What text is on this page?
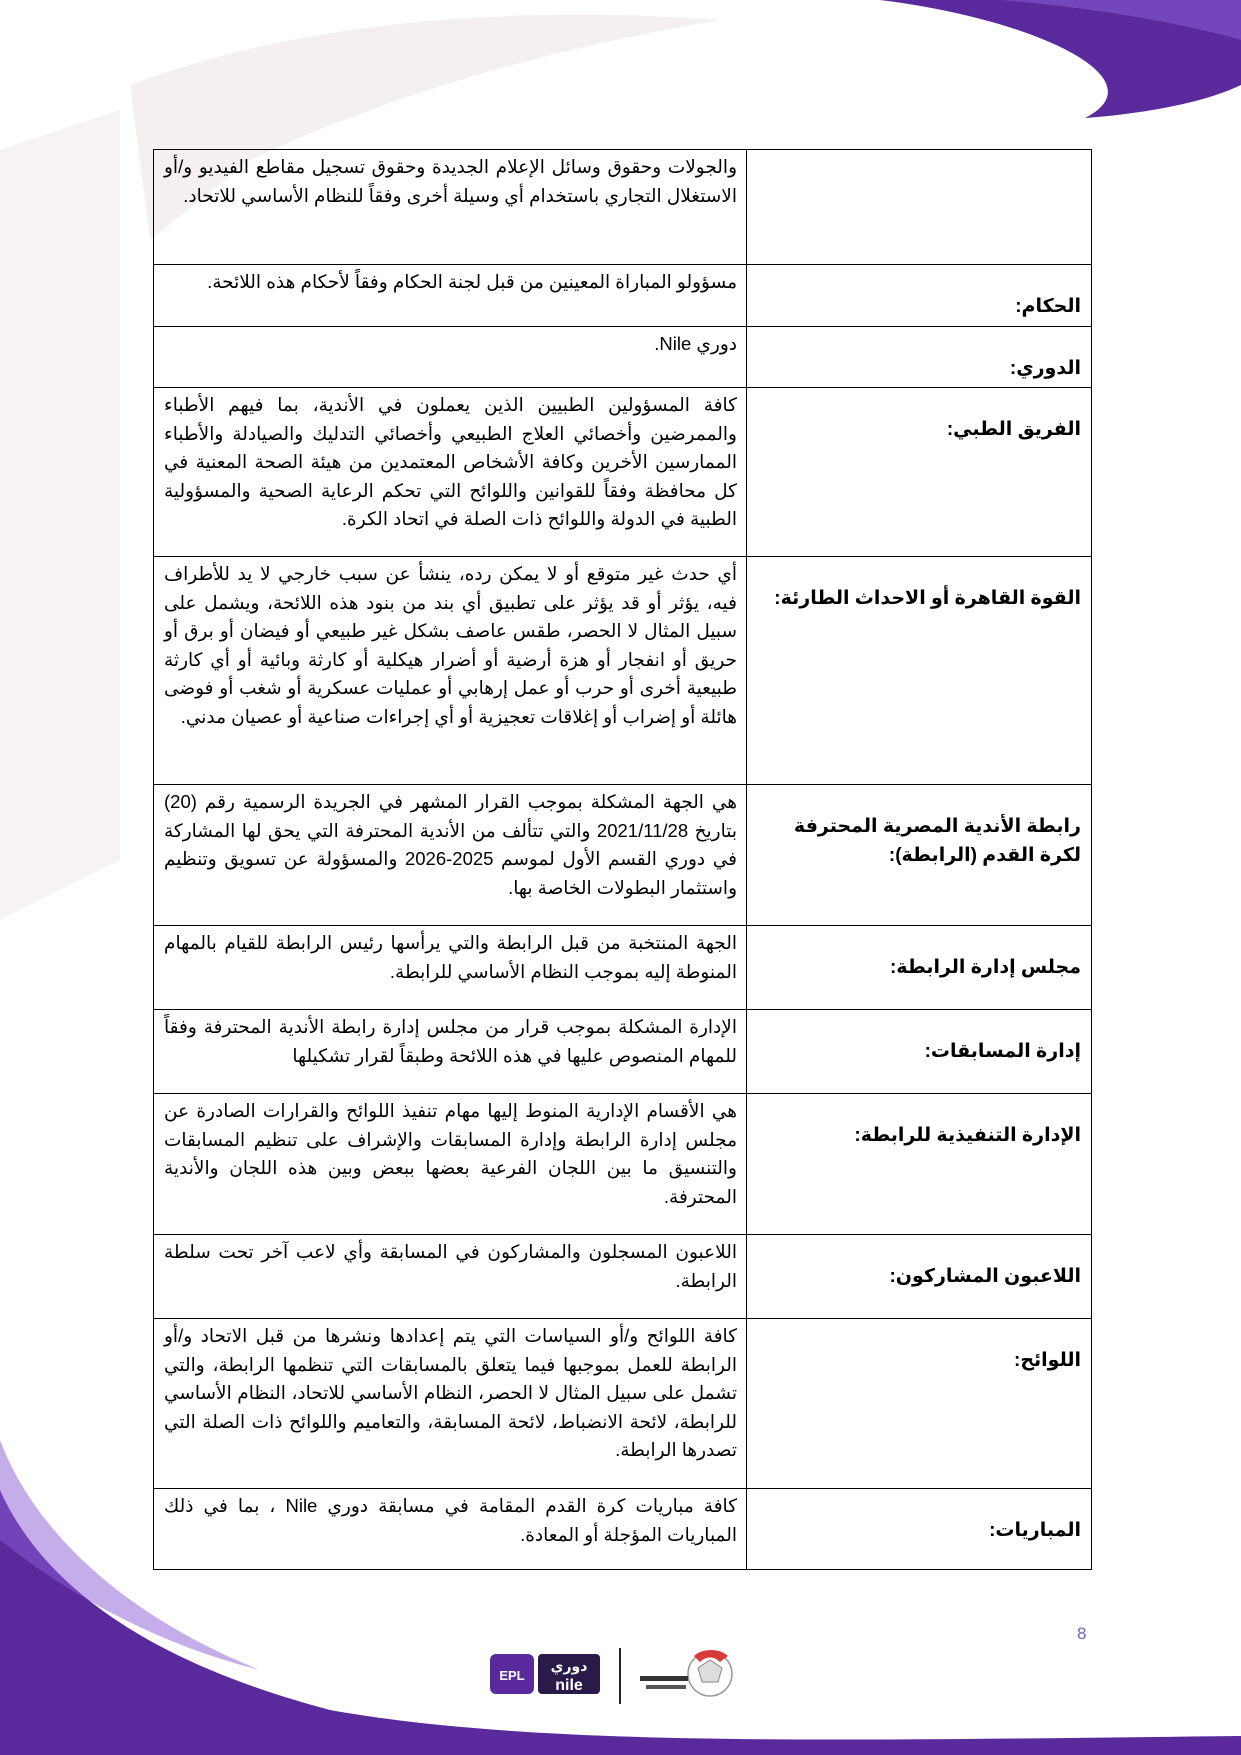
	والجولات وحقوق وسائل الإعلام الجديدة وحقوق تسجيل مقاطع الفيديو و/أو الاستغلال التجاري باستخدام أي وسيلة أخرى وفقاً للنظام الأساسي للاتحاد.
الحكام:	مسؤولو المباراة المعينين من قبل لجنة الحكام وفقاً لأحكام هذه اللائحة.
الدوري:	دوري Nile.
الفريق الطبي:	كافة المسؤولين الطبيين الذين يعملون في الأندية، بما فيهم الأطباء والممرضين وأخصائي العلاج الطبيعي وأخصائي التدليك والصيادلة والأطباء الممارسين الأخرين وكافة الأشخاص المعتمدين من هيئة الصحة المعنية في كل محافظة وفقاً للقوانين واللوائح التي تحكم الرعاية الصحية والمسؤولية الطبية في الدولة واللوائح ذات الصلة في اتحاد الكرة.
القوة القاهرة أو الاحداث الطارئة:	أي حدث غير متوقع أو لا يمكن رده، ينشأ عن سبب خارجي لا يد للأطراف فيه، يؤثر أو قد يؤثر على تطبيق أي بند من بنود هذه اللائحة، ويشمل على سبيل المثال لا الحصر، طقس عاصف بشكل غير طبيعي أو فيضان أو برق أو حريق أو انفجار أو هزة أرضية أو أضرار هيكلية أو كارثة وبائية أو أي كارثة طبيعية أخرى أو حرب أو عمل إرهابي أو عمليات عسكرية أو شغب أو فوضى هائلة أو إضراب أو إغلاقات تعجيزية أو أي إجراءات صناعية أو عصيان مدني.
رابطة الأندية المصرية المحترفة لكرة القدم (الرابطة):	هي الجهة المشكلة بموجب القرار المشهر في الجريدة الرسمية رقم (20) بتاريخ 2021/11/28 والتي تتألف من الأندية المحترفة التي يحق لها المشاركة في دوري القسم الأول لموسم 2025-2026 والمسؤولة عن تسويق وتنظيم واستثمار البطولات الخاصة بها.
مجلس إدارة الرابطة:	الجهة المنتخبة من قبل الرابطة والتي يرأسها رئيس الرابطة للقيام بالمهام المنوطة إليه بموجب النظام الأساسي للرابطة.
إدارة المسابقات:	الإدارة المشكلة بموجب قرار من مجلس إدارة رابطة الأندية المحترفة وفقاً للمهام المنصوص عليها في هذه اللائحة وطبقاً لقرار تشكيلها
الإدارة التنفيذية للرابطة:	هي الأقسام الإدارية المنوط إليها مهام تنفيذ اللوائح والقرارات الصادرة عن مجلس إدارة الرابطة وإدارة المسابقات والإشراف على تنظيم المسابقات والتنسيق ما بين اللجان الفرعية بعضها ببعض وبين هذه اللجان والأندية المحترفة.
اللاعبون المشاركون:	اللاعبون المسجلون والمشاركون في المسابقة وأي لاعب آخر تحت سلطة الرابطة.
اللوائح:	كافة اللوائح و/أو السياسات التي يتم إعدادها ونشرها من قبل الاتحاد و/أو الرابطة للعمل بموجبها فيما يتعلق بالمسابقات التي تنظمها الرابطة، والتي تشمل على سبيل المثال لا الحصر، النظام الأساسي للاتحاد، النظام الأساسي للرابطة، لائحة الانضباط، لائحة المسابقة، والتعاميم واللوائح ذات الصلة التي تصدرها الرابطة.
المباريات:	كافة مباريات كرة القدم المقامة في مسابقة دوري Nile ، بما في ذلك المباريات المؤجلة أو المعادة.
8
EPL
دوري
nile
